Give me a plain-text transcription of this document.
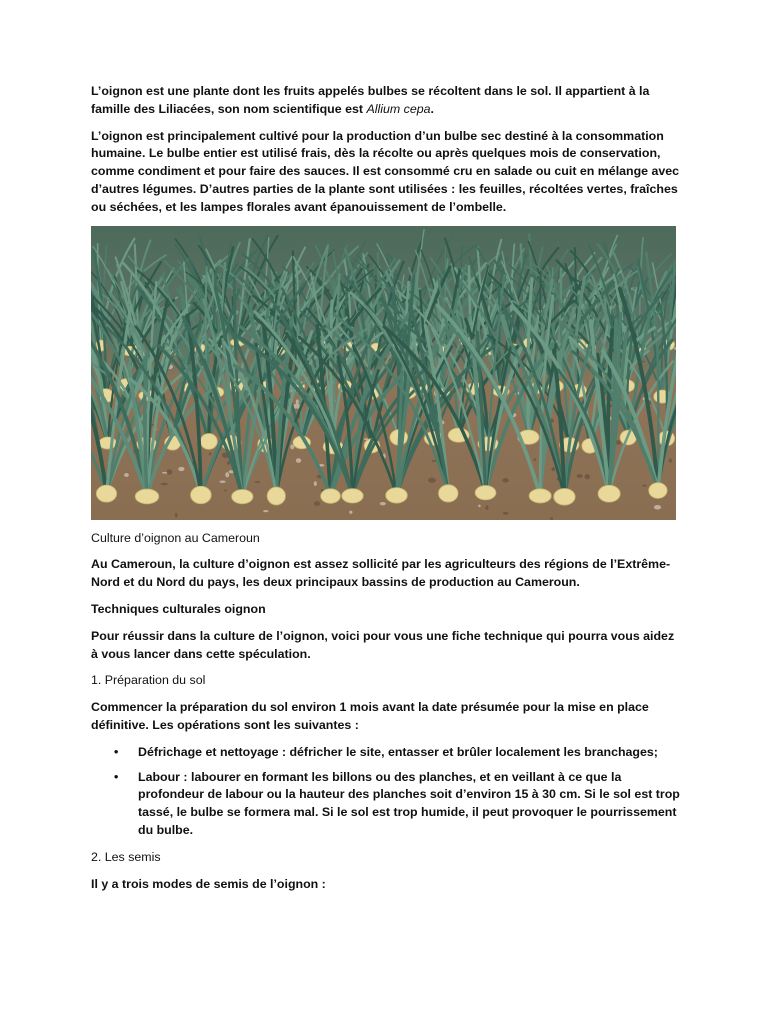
L’oignon est une plante dont les fruits appelés bulbes se récoltent dans le sol. Il appartient à la famille des Liliacées, son nom scientifique est Allium cepa.

L’oignon est principalement cultivé pour la production d’un bulbe sec destiné à la consommation humaine. Le bulbe entier est utilisé frais, dès la récolte ou après quelques mois de conservation, comme condiment et pour faire des sauces. Il est consommé cru en salade ou cuit en mélange avec d’autres légumes. D’autres parties de la plante sont utilisées : les feuilles, récoltées vertes, fraîches ou séchées, et les lampes florales avant épanouissement de l’ombelle.

Culture d’oignon au Cameroun

Au Cameroun, la culture d’oignon est assez sollicité par les agriculteurs des régions de l’Extrême-Nord et du Nord du pays, les deux principaux bassins de production au Cameroun.

Techniques culturales oignon

Pour réussir dans la culture de l’oignon, voici pour vous une fiche technique qui pourra vous aidez à vous lancer dans cette spéculation.

1. Préparation du sol

Commencer la préparation du sol environ 1 mois avant la date présumée pour la mise en place définitive. Les opérations sont les suivantes :

• Défrichage et nettoyage : défricher le site, entasser et brûler localement les branchages;
• Labour : labourer en formant les billons ou des planches, et en veillant à ce que la profondeur de labour ou la hauteur des planches soit d’environ 15 à 30 cm. Si le sol est trop tassé, le bulbe se formera mal. Si le sol est trop humide, il peut provoquer le pourrissement du bulbe.

2. Les semis

Il y a trois modes de semis de l’oignon :
